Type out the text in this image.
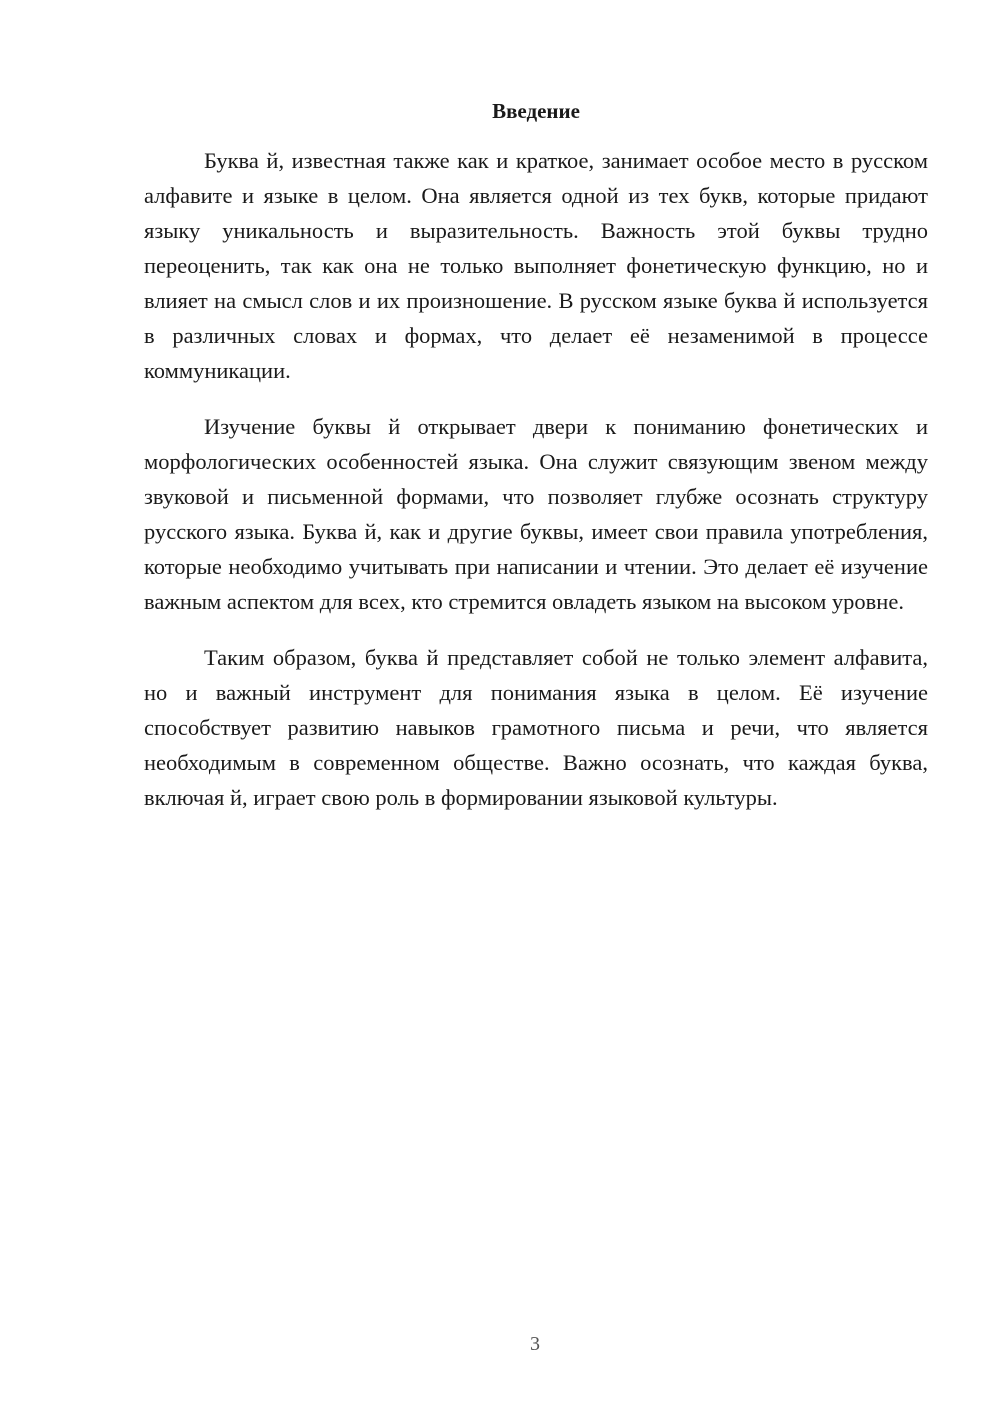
Введение

Буква й, известная также как и краткое, занимает особое место в русском алфавите и языке в целом. Она является одной из тех букв, которые придают языку уникальность и выразительность. Важность этой буквы трудно переоценить, так как она не только выполняет фонетическую функцию, но и влияет на смысл слов и их произношение. В русском языке буква й используется в различных словах и формах, что делает её незаменимой в процессе коммуникации.

Изучение буквы й открывает двери к пониманию фонетических и морфологических особенностей языка. Она служит связующим звеном между звуковой и письменной формами, что позволяет глубже осознать структуру русского языка. Буква й, как и другие буквы, имеет свои правила употребления, которые необходимо учитывать при написании и чтении. Это делает её изучение важным аспектом для всех, кто стремится овладеть языком на высоком уровне.

Таким образом, буква й представляет собой не только элемент алфавита, но и важный инструмент для понимания языка в целом. Её изучение способствует развитию навыков грамотного письма и речи, что является необходимым в современном обществе. Важно осознать, что каждая буква, включая й, играет свою роль в формировании языковой культуры.

3
